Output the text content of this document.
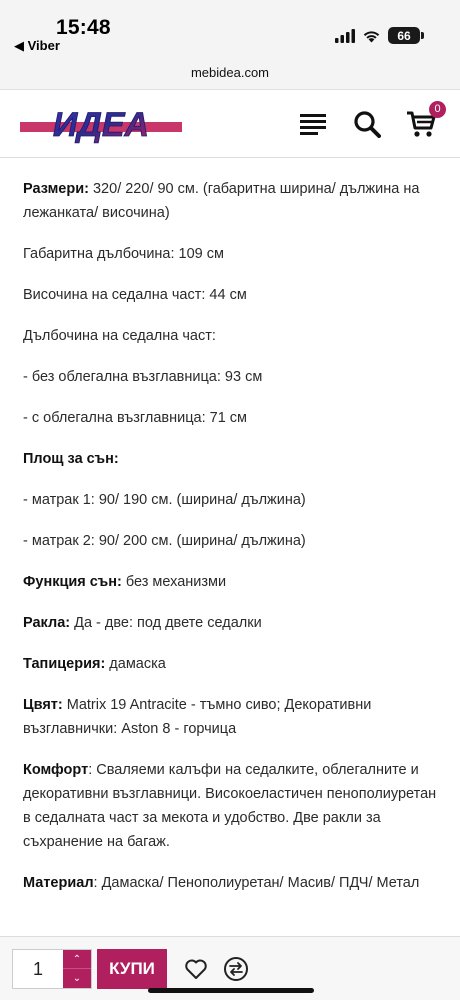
15:48
◀ Viber
66
mebidea.com
ИДЕА	0

Размери: 320/ 220/ 90 см. (габаритна ширина/ дължина на лежанката/ височина)

Габаритна дълбочина: 109 см

Височина на седална част: 44 см

Дълбочина на седална част:

- без облегална възглавница: 93 см

- с облегална възглавница: 71 см

Площ за сън:

- матрак 1: 90/ 190 см. (ширина/ дължина)

- матрак 2: 90/ 200 см. (ширина/ дължина)

Функция сън: без механизми

Ракла: Да - две: под двете седалки

Тапицерия: дамаска

Цвят: Matrix 19 Antracite - тъмно сиво; Декоративни възглавнички: Aston 8 - горчица

Комфорт: Сваляеми калъфи на седалките, облегалните и декоративни възглавници. Високоеластичен пенополиуретан в седалната част за мекота и удобство. Две ракли за съхранение на багаж.

Материал: Дамаска/ Пенополиуретан/ Масив/ ПДЧ/ Метал

1	⌃
⌄
КУПИ
